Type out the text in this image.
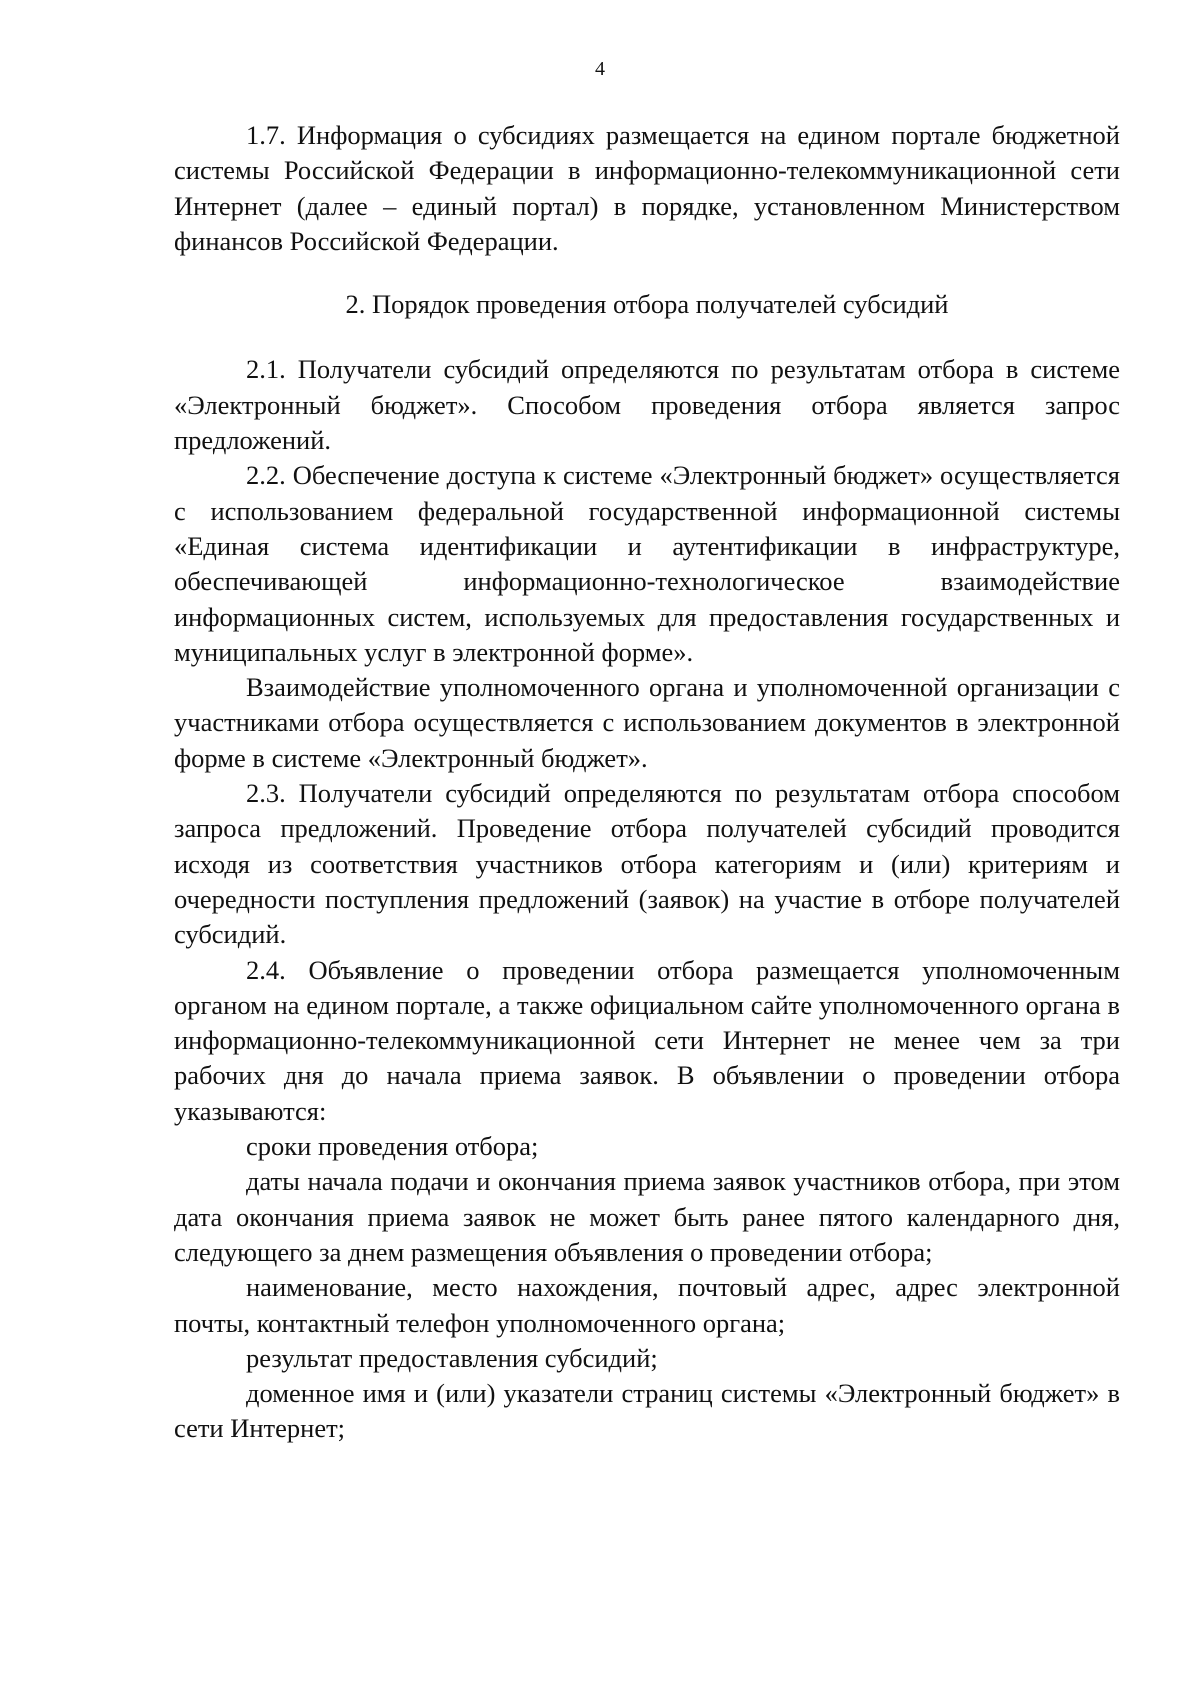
4

1.7. Информация о субсидиях размещается на едином портале бюджетной системы Российской Федерации в информационно-телекоммуникационной сети Интернет (далее – единый портал) в порядке, установленном Министерством финансов Российской Федерации.

2. Порядок проведения отбора получателей субсидий

2.1. Получатели субсидий определяются по результатам отбора в системе «Электронный бюджет». Способом проведения отбора является запрос предложений.

2.2. Обеспечение доступа к системе «Электронный бюджет» осуществляется с использованием федеральной государственной информационной системы «Единая система идентификации и аутентификации в инфраструктуре, обеспечивающей информационно-технологическое взаимодействие информационных систем, используемых для предоставления государственных и муниципальных услуг в электронной форме».

Взаимодействие уполномоченного органа и уполномоченной организации с участниками отбора осуществляется с использованием документов в электронной форме в системе «Электронный бюджет».

2.3. Получатели субсидий определяются по результатам отбора способом запроса предложений. Проведение отбора получателей субсидий проводится исходя из соответствия участников отбора категориям и (или) критериям и очередности поступления предложений (заявок) на участие в отборе получателей субсидий.

2.4. Объявление о проведении отбора размещается уполномоченным органом на едином портале, а также официальном сайте уполномоченного органа в информационно-телекоммуникационной сети Интернет не менее чем за три рабочих дня до начала приема заявок. В объявлении о проведении отбора указываются:

сроки проведения отбора;

даты начала подачи и окончания приема заявок участников отбора, при этом дата окончания приема заявок не может быть ранее пятого календарного дня, следующего за днем размещения объявления о проведении отбора;

наименование, место нахождения, почтовый адрес, адрес электронной почты, контактный телефон уполномоченного органа;

результат предоставления субсидий;

доменное имя и (или) указатели страниц системы «Электронный бюджет» в сети Интернет;
